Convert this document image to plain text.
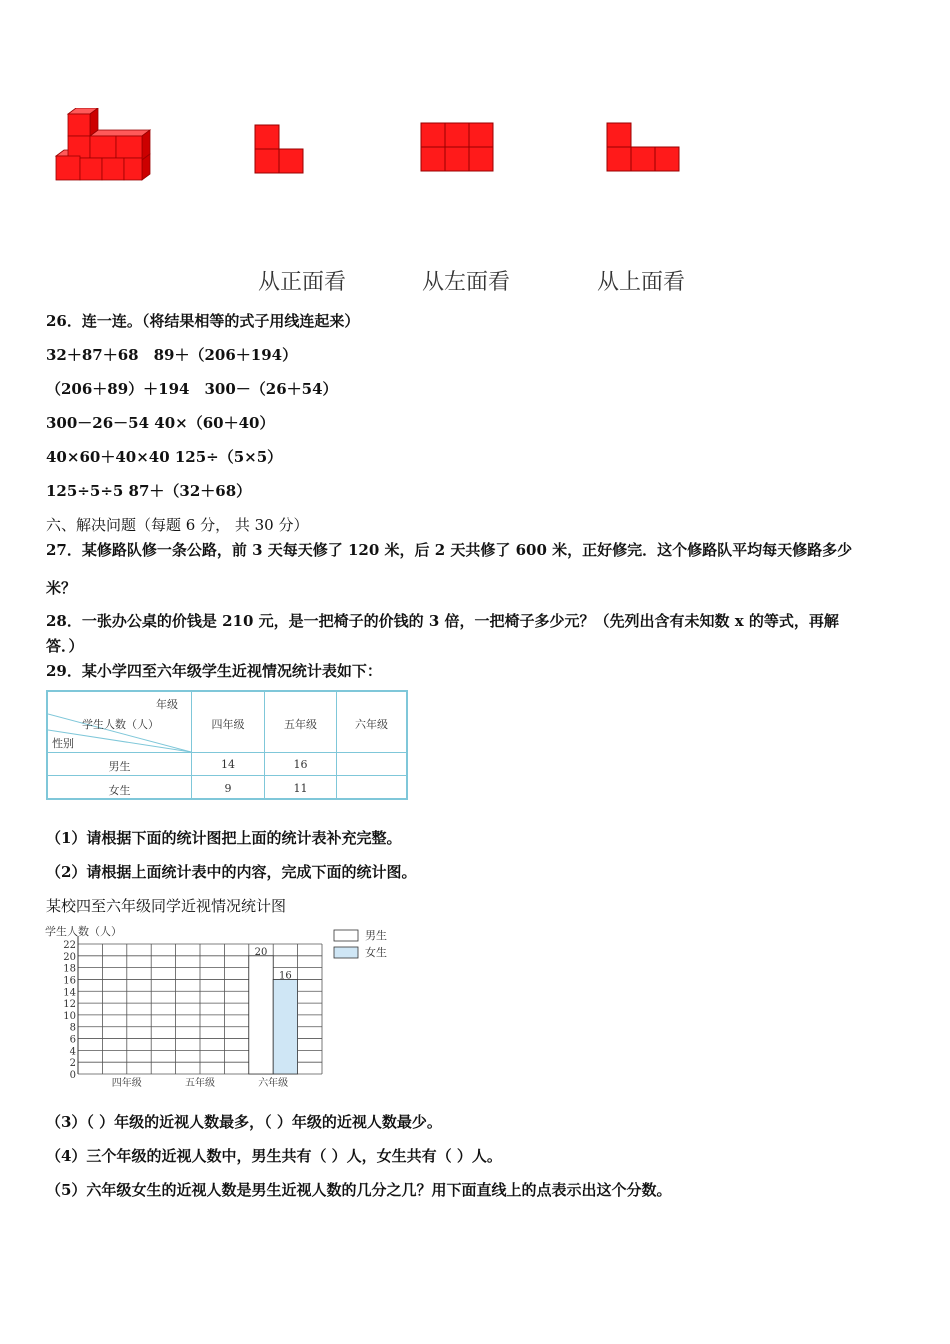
从正面看	从左面看	从上面看
26．连一连。（将结果相等的式子用线连起来）
32＋87＋68　89＋（206＋194）
（206＋89）＋194　300－（26＋54）
300－26－54 40×（60＋40）
40×60＋40×40 125÷（5×5）
125÷5÷5 87＋（32＋68）
六、解决问题（每题 6 分， 共 30 分）
27．某修路队修一条公路，前 3 天每天修了 120 米，后 2 天共修了 600 米，正好修完．这个修路队平均每天修路多少
米？
28．一张办公桌的价钱是 210 元，是一把椅子的价钱的 3 倍，一把椅子多少元？（先列出含有未知数 x 的等式，再解
答．）
29．某小学四至六年级学生近视情况统计表如下：
年级
学生人数（人）
性别
四年级	五年级	六年级
男生	14	16
女生	9	11
（1）请根据下面的统计图把上面的统计表补充完整。
（2）请根据上面统计表中的内容，完成下面的统计图。
某校四至六年级同学近视情况统计图
学生人数（人）
0
2
4
6
8
10
12
14
16
18
20
22
20
16
四年级	五年级	六年级
男生
女生
（3）（ ）年级的近视人数最多，（ ）年级的近视人数最少。
（4）三个年级的近视人数中，男生共有（ ）人，女生共有（ ）人。
（5）六年级女生的近视人数是男生近视人数的几分之几？用下面直线上的点表示出这个分数。
